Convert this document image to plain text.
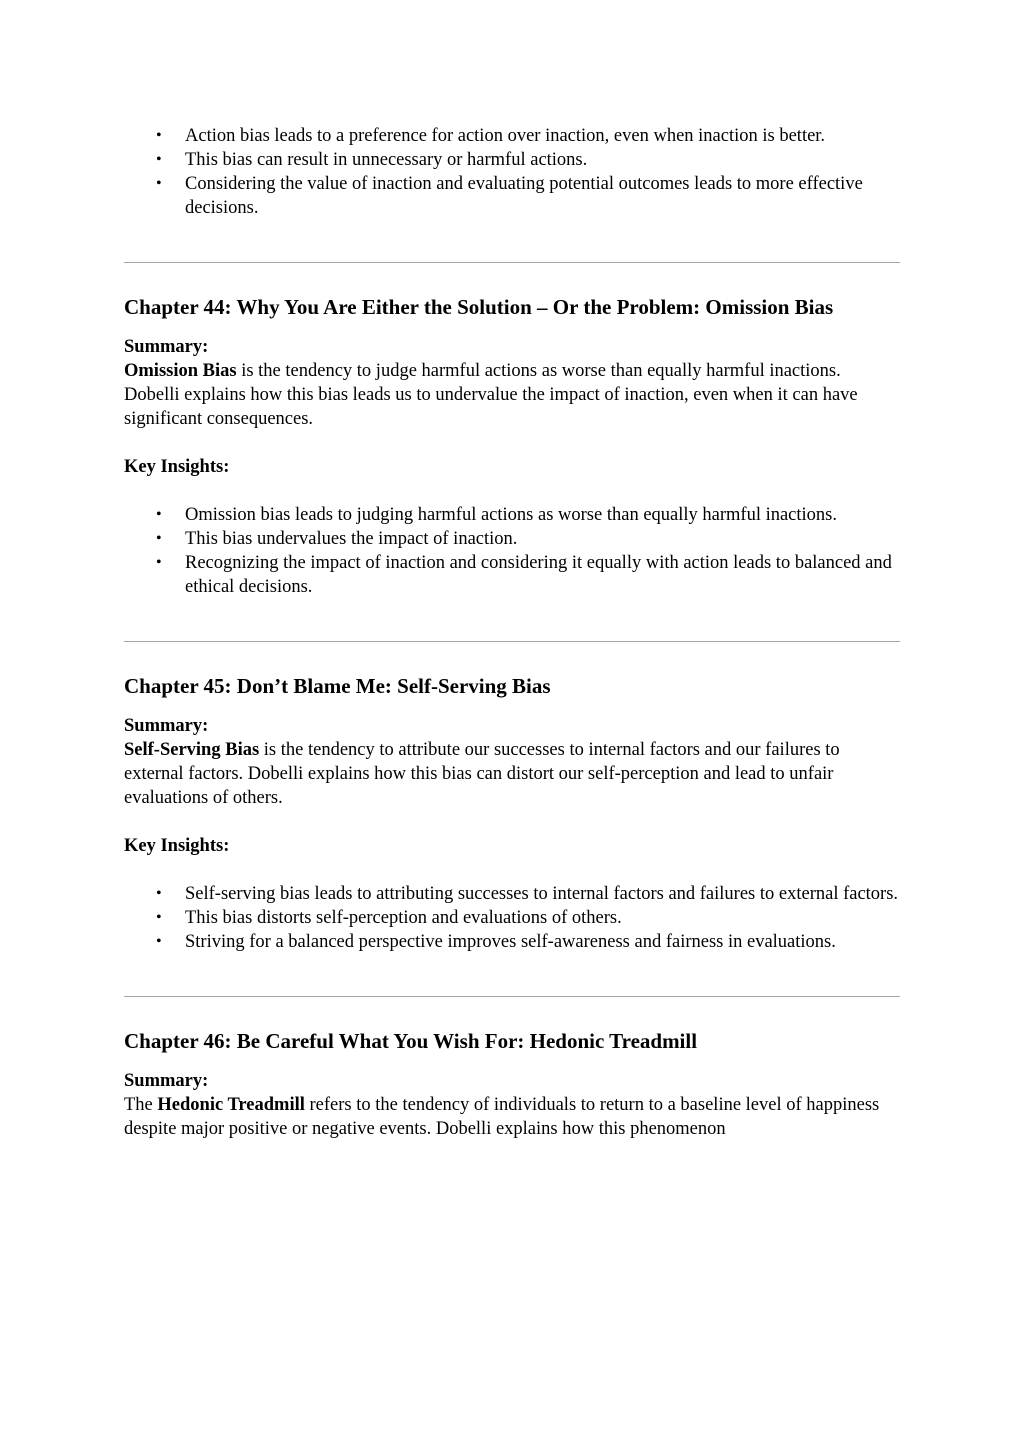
• Action bias leads to a preference for action over inaction, even when inaction is better.
• This bias can result in unnecessary or harmful actions.
• Considering the value of inaction and evaluating potential outcomes leads to more effective decisions.
Chapter 44: Why You Are Either the Solution – Or the Problem: Omission Bias
Summary:

Omission Bias is the tendency to judge harmful actions as worse than equally harmful inactions. Dobelli explains how this bias leads us to undervalue the impact of inaction, even when it can have significant consequences.

Key Insights:
• Omission bias leads to judging harmful actions as worse than equally harmful inactions.
• This bias undervalues the impact of inaction.
• Recognizing the impact of inaction and considering it equally with action leads to balanced and ethical decisions.
Chapter 45: Don’t Blame Me: Self-Serving Bias
Summary:

Self-Serving Bias is the tendency to attribute our successes to internal factors and our failures to external factors. Dobelli explains how this bias can distort our self-perception and lead to unfair evaluations of others.

Key Insights:
• Self-serving bias leads to attributing successes to internal factors and failures to external factors.
• This bias distorts self-perception and evaluations of others.
• Striving for a balanced perspective improves self-awareness and fairness in evaluations.
Chapter 46: Be Careful What You Wish For: Hedonic Treadmill
Summary:

The Hedonic Treadmill refers to the tendency of individuals to return to a baseline level of happiness despite major positive or negative events. Dobelli explains how this phenomenon
